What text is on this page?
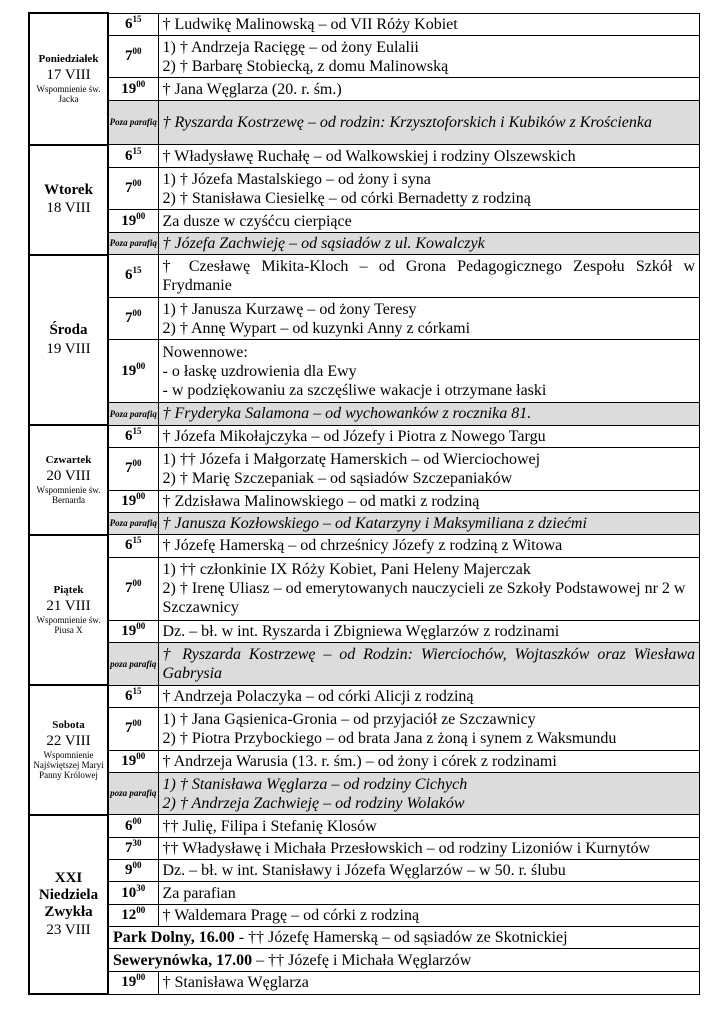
Poniedziałek
17 VIII
Wspomnienie św. Jacka	$6^{15}$	† Ludwikę Malinowską – od VII Róży Kobiet

	$7^{00}$	1) † Andrzeja Racięgę – od żony Eulalii
2) † Barbarę Stobiecką, z domu Malinowską

	$19^{00}$	† Jana Węglarza (20. r. śm.)

	Poza parafią	† Ryszarda Kostrzewę – od rodzin: Krzysztoforskich i Kubików z Krościenka

Wtorek
18 VIII	$6^{15}$	† Władysławę Ruchałę – od Walkowskiej i rodziny Olszewskich

	$7^{00}$	1) † Józefa Mastalskiego – od żony i syna
2) † Stanisława Ciesielkę – od córki Bernadetty z rodziną

	$19^{00}$	Za dusze w czyśćcu cierpiące

	Poza parafią	† Józefa Zachwieję – od sąsiadów z ul. Kowalczyk

Środa
19 VIII	$6^{15}$	† Czesławę Mikita-Kloch – od Grona Pedagogicznego Zespołu Szkół w Frydmanie

	$7^{00}$	1) † Janusza Kurzawę – od żony Teresy
2) † Annę Wypart – od kuzynki Anny z córkami

	$19^{00}$	Nowennowe:
- o łaskę uzdrowienia dla Ewy
- w podziękowaniu za szczęśliwe wakacje i otrzymane łaski

	Poza parafią	† Fryderyka Salamona – od wychowanków z rocznika 81.

Czwartek
20 VIII
Wspomnienie św. Bernarda	$6^{15}$	† Józefa Mikołajczyka – od Józefy i Piotra z Nowego Targu

	$7^{00}$	1) †† Józefa i Małgorzatę Hamerskich – od Wierciochowej
2) † Marię Szczepaniak – od sąsiadów Szczepaniaków

	$19^{00}$	† Zdzisława Malinowskiego – od matki z rodziną

	Poza parafią	† Janusza Kozłowskiego – od Katarzyny i Maksymiliana z dziećmi

Piątek
21 VIII
Wspomnienie św. Piusa X	$6^{15}$	† Józefę Hamerską – od chrześnicy Józefy z rodziną z Witowa

	$7^{00}$	1) †† członkinie IX Róży Kobiet, Pani Heleny Majerczak
2) † Irenę Uliasz – od emerytowanych nauczycieli ze Szkoły Podstawowej nr 2 w Szczawnicy

	$19^{00}$	Dz. – bł. w int. Ryszarda i Zbigniewa Węglarzów z rodzinami

	poza parafią	† Ryszarda Kostrzewę – od Rodzin: Wierciochów, Wojtaszków oraz Wiesława Gabrysia

Sobota
22 VIII
Wspomnienie Najświętszej Maryi Panny Królowej	$6^{15}$	† Andrzeja Polaczyka – od córki Alicji z rodziną

	$7^{00}$	1) † Jana Gąsienica-Gronia – od przyjaciół ze Szczawnicy
2) † Piotra Przybockiego – od brata Jana z żoną i synem z Waksmundu

	$19^{00}$	† Andrzeja Warusia (13. r. śm.) – od żony i córek z rodzinami

	poza parafią	1) † Stanisława Węglarza – od rodziny Cichych
2) † Andrzeja Zachwieję – od rodziny Wolaków

XXI
Niedziela
Zwykła
23 VIII	$6^{00}$	†† Julię, Filipa i Stefanię Klosów

	$7^{30}$	†† Władysławę i Michała Przesłowskich – od rodziny Lizoniów i Kurnytów

	$9^{00}$	Dz. – bł. w int. Stanisławy i Józefa Węglarzów – w 50. r. ślubu

	$10^{30}$	Za parafian

	$12^{00}$	† Waldemara Pragę – od córki z rodziną

	Park Dolny, 16.00 - †† Józefę Hamerską – od sąsiadów ze Skotnickiej	
	Sewerynówka, 17.00 – †† Józefę i Michała Węglarzów	
	$19^{00}$	† Stanisława Węglarza
